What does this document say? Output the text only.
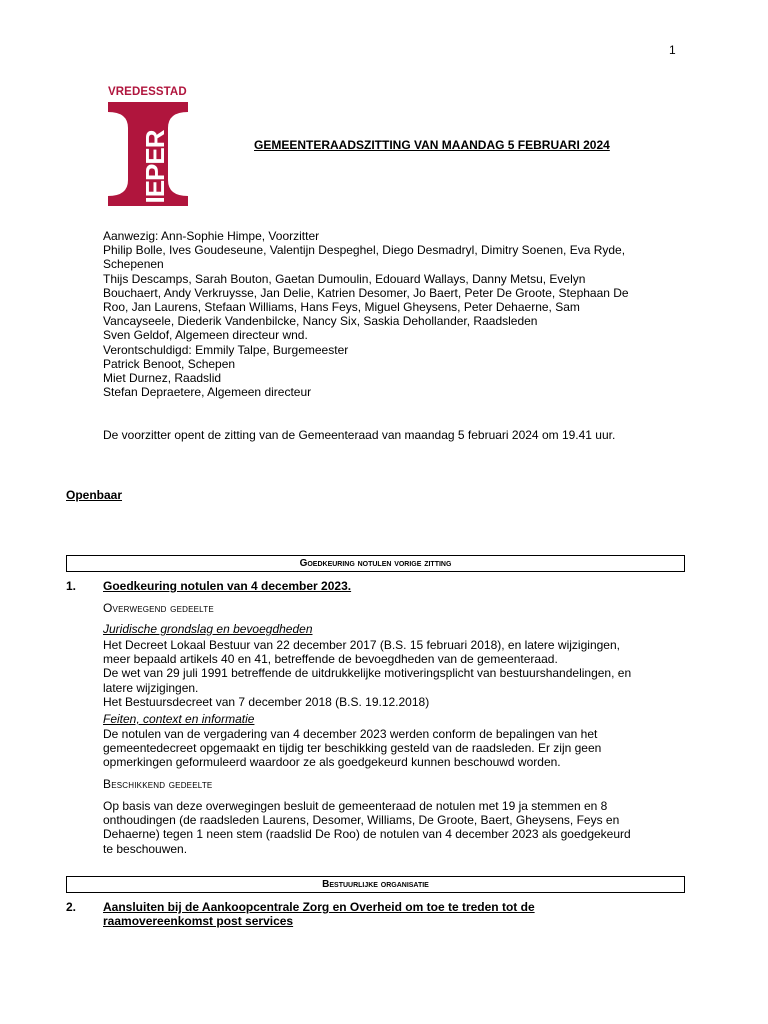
1
VREDESSTAD
IEPER	GEMEENTERAADSZITTING VAN MAANDAG 5 FEBRUARI 2024
Aanwezig: Ann-Sophie Himpe, Voorzitter
Philip Bolle, Ives Goudeseune, Valentijn Despeghel, Diego Desmadryl, Dimitry Soenen, Eva Ryde,
Schepenen
Thijs Descamps, Sarah Bouton, Gaetan Dumoulin, Edouard Wallays, Danny Metsu, Evelyn
Bouchaert, Andy Verkruysse, Jan Delie, Katrien Desomer, Jo Baert, Peter De Groote, Stephaan De
Roo, Jan Laurens, Stefaan Williams, Hans Feys, Miguel Gheysens, Peter Dehaerne, Sam
Vancayseele, Diederik Vandenbilcke, Nancy Six, Saskia Dehollander, Raadsleden
Sven Geldof, Algemeen directeur wnd.
Verontschuldigd: Emmily Talpe, Burgemeester
Patrick Benoot, Schepen
Miet Durnez, Raadslid
Stefan Depraetere, Algemeen directeur
De voorzitter opent de zitting van de Gemeenteraad van maandag 5 februari 2024 om 19.41 uur.
Openbaar
Goedkeuring notulen vorige zitting
1. Goedkeuring notulen van 4 december 2023.
Overwegend gedeelte
Juridische grondslag en bevoegdheden
Het Decreet Lokaal Bestuur van 22 december 2017 (B.S. 15 februari 2018), en latere wijzigingen,
meer bepaald artikels 40 en 41, betreffende de bevoegdheden van de gemeenteraad.
De wet van 29 juli 1991 betreffende de uitdrukkelijke motiveringsplicht van bestuurshandelingen, en
latere wijzigingen.
Het Bestuursdecreet van 7 december 2018 (B.S. 19.12.2018)
Feiten, context en informatie
De notulen van de vergadering van 4 december 2023 werden conform de bepalingen van het
gemeentedecreet opgemaakt en tijdig ter beschikking gesteld van de raadsleden. Er zijn geen
opmerkingen geformuleerd waardoor ze als goedgekeurd kunnen beschouwd worden.
Beschikkend gedeelte
Op basis van deze overwegingen besluit de gemeenteraad de notulen met 19 ja stemmen en 8
onthoudingen (de raadsleden Laurens, Desomer, Williams, De Groote, Baert, Gheysens, Feys en
Dehaerne) tegen 1 neen stem (raadslid De Roo) de notulen van 4 december 2023 als goedgekeurd
te beschouwen.
Bestuurlijke organisatie
2. Aansluiten bij de Aankoopcentrale Zorg en Overheid om toe te treden tot de
raamovereenkomst post services
